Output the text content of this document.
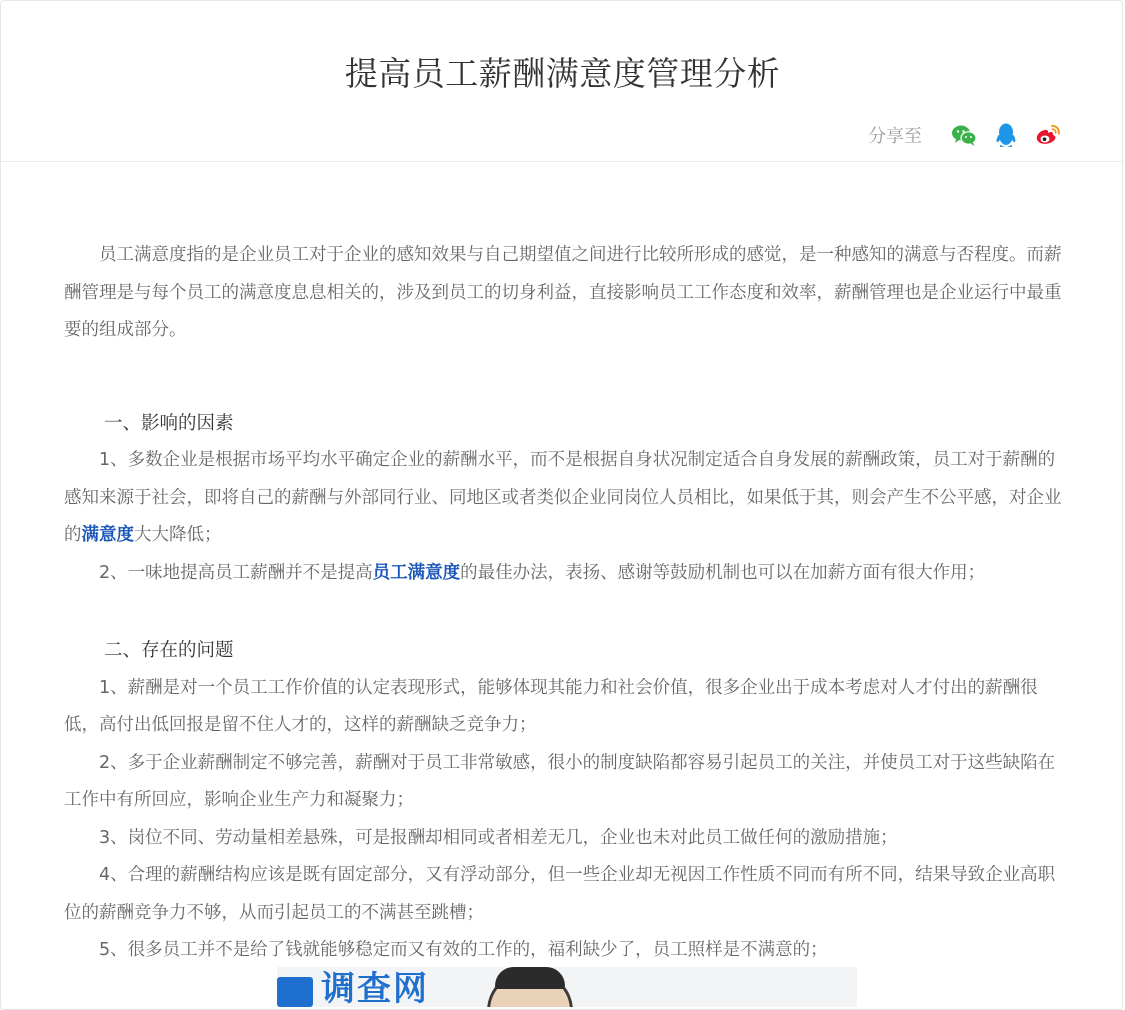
提高员工薪酬满意度管理分析
分享至

员工满意度指的是企业员工对于企业的感知效果与自己期望值之间进行比较所形成的感觉，是一种感知的满意与否程度。而薪酬管理是与每个员工的满意度息息相关的，涉及到员工的切身利益，直接影响员工工作态度和效率，薪酬管理也是企业运行中最重要的组成部分。

一、影响的因素

1、多数企业是根据市场平均水平确定企业的薪酬水平，而不是根据自身状况制定适合自身发展的薪酬政策，员工对于薪酬的感知来源于社会，即将自己的薪酬与外部同行业、同地区或者类似企业同岗位人员相比，如果低于其，则会产生不公平感，对企业的满意度大大降低；

2、一味地提高员工薪酬并不是提高员工满意度的最佳办法，表扬、感谢等鼓励机制也可以在加薪方面有很大作用；

二、存在的问题

1、薪酬是对一个员工工作价值的认定表现形式，能够体现其能力和社会价值，很多企业出于成本考虑对人才付出的薪酬很低，高付出低回报是留不住人才的，这样的薪酬缺乏竞争力；

2、多于企业薪酬制定不够完善，薪酬对于员工非常敏感，很小的制度缺陷都容易引起员工的关注，并使员工对于这些缺陷在工作中有所回应，影响企业生产力和凝聚力；

3、岗位不同、劳动量相差悬殊，可是报酬却相同或者相差无几，企业也未对此员工做任何的激励措施；

4、合理的薪酬结构应该是既有固定部分，又有浮动部分，但一些企业却无视因工作性质不同而有所不同，结果导致企业高职位的薪酬竞争力不够，从而引起员工的不满甚至跳槽；

5、很多员工并不是给了钱就能够稳定而又有效的工作的，福利缺少了，员工照样是不满意的；

调查网
